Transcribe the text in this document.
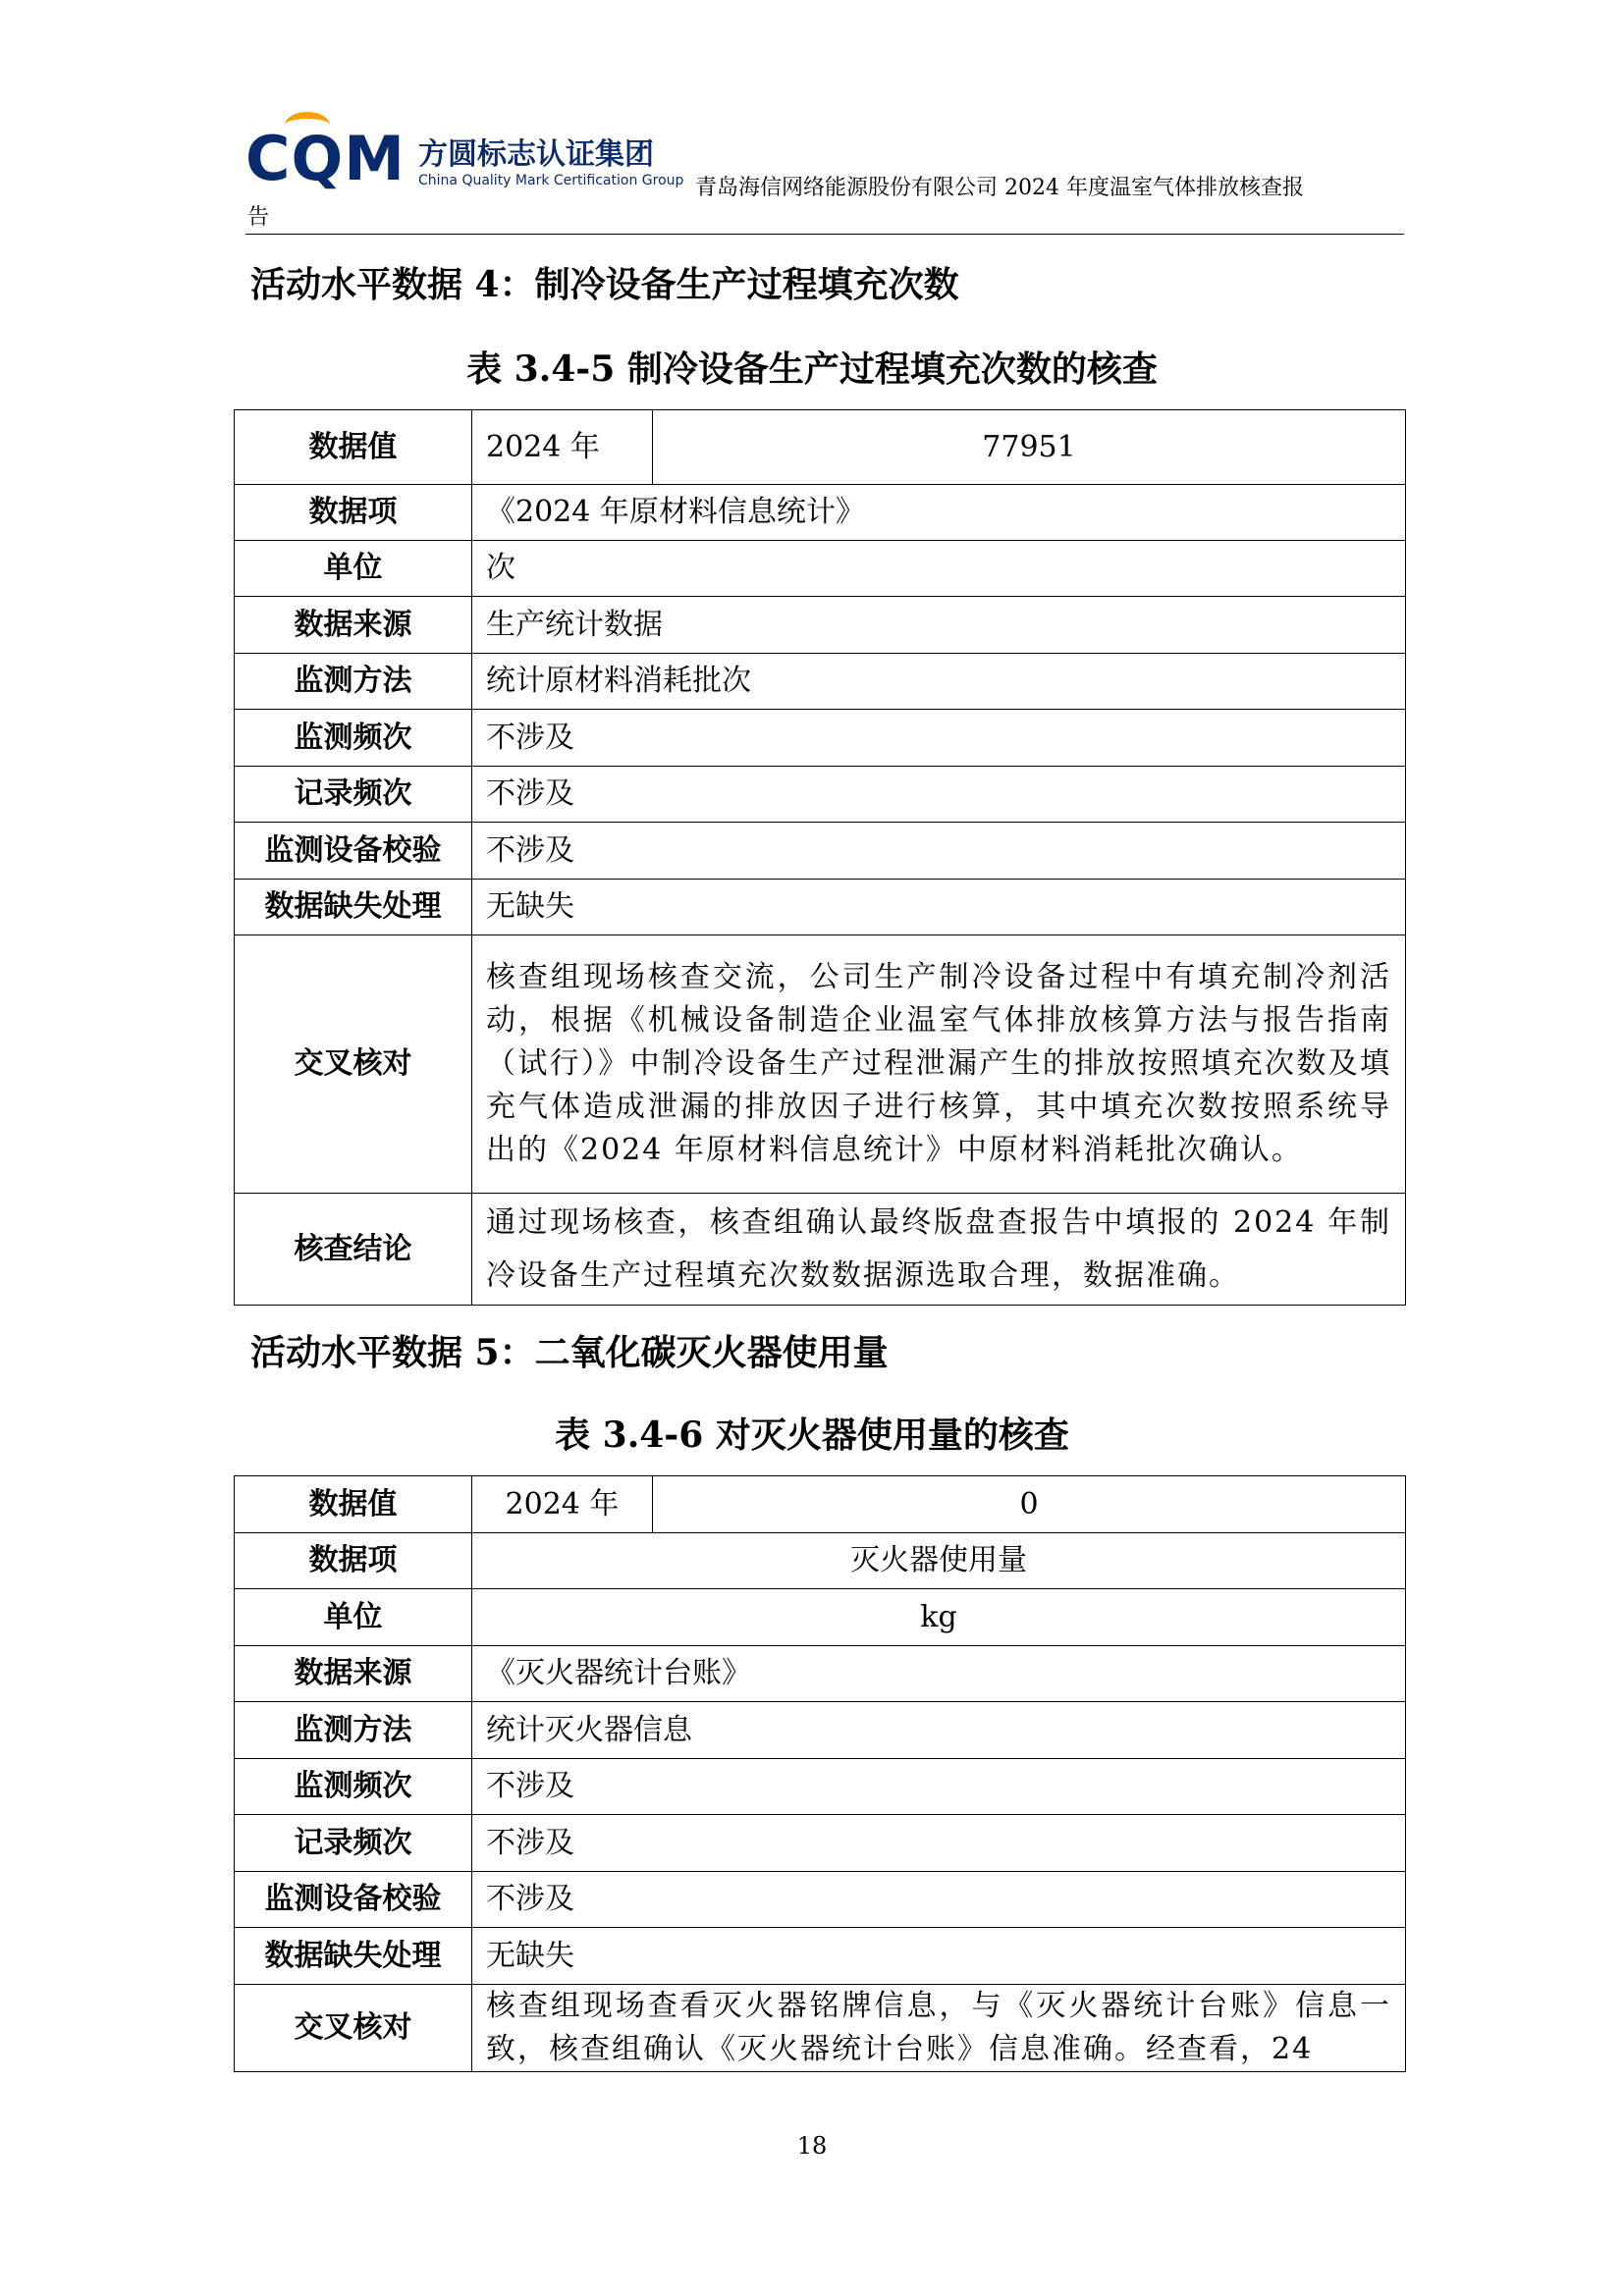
CQM 方圆标志认证集团
China Quality Mark Certification Group 青岛海信网络能源股份有限公司 2024 年度温室气体排放核查报
告
活动水平数据 4：制冷设备生产过程填充次数
表 3.4-5 制冷设备生产过程填充次数的核查
数据值	2024 年	77951
数据项	《2024 年原材料信息统计》	
单位	次	
数据来源	生产统计数据	
监测方法	统计原材料消耗批次	
监测频次	不涉及	
记录频次	不涉及	
监测设备校验	不涉及	
数据缺失处理	无缺失	
交叉核对	核查组现场核查交流，公司生产制冷设备过程中有填充制冷剂活动，根据《机械设备制造企业温室气体排放核算方法与报告指南（试行）》中制冷设备生产过程泄漏产生的排放按照填充次数及填充气体造成泄漏的排放因子进行核算，其中填充次数按照系统导出的《2024 年原材料信息统计》中原材料消耗批次确认。	
核查结论	通过现场核查，核查组确认最终版盘查报告中填报的 2024 年制冷设备生产过程填充次数数据源选取合理，数据准确。	
活动水平数据 5：二氧化碳灭火器使用量
表 3.4-6 对灭火器使用量的核查
数据值	2024 年	0
数据项	灭火器使用量	
单位	kg	
数据来源	《灭火器统计台账》	
监测方法	统计灭火器信息	
监测频次	不涉及	
记录频次	不涉及	
监测设备校验	不涉及	
数据缺失处理	无缺失	
交叉核对	核查组现场查看灭火器铭牌信息，与《灭火器统计台账》信息一致，核查组确认《灭火器统计台账》信息准确。经查看，24	
18
